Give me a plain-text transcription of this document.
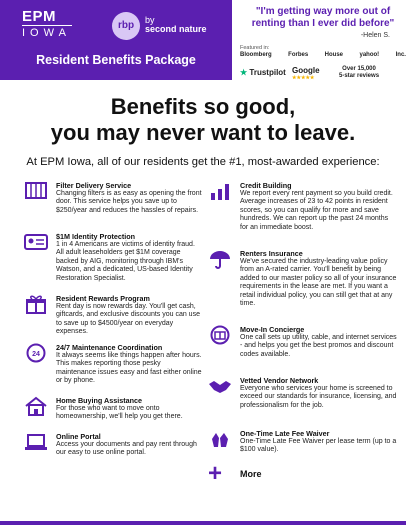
EPM
IOWA
rbp	by
second nature
Resident Benefits Package
"I'm getting way more out of renting than I ever did before"
-Helen S.
Featured in:
Bloomberg	Forbes	House	yahoo!	Inc.
★ Trustpilot Google
★★★★★
Over 15,000
5-star reviews
Benefits so good,
you may never want to leave.
At EPM Iowa, all of our residents get the #1, most-awarded experience:
Filter Delivery Service
Changing filters is as easy as opening the front door. This service helps you save up to $250/year and reduces the hassles of repairs.
$1M Identity Protection
1 in 4 Americans are victims of identity fraud. All adult leaseholders get $1M coverage backed by AIG, monitoring through IBM's Watson, and a dedicated, US-based Identity Restoration Specialist.
Resident Rewards Program
Rent day is now rewards day. You'll get cash, giftcards, and exclusive discounts you can use to save up to $4500/year on everyday expenses.
24
24/7 Maintenance Coordination
It always seems like things happen after hours. This makes reporting those pesky maintenance issues easy and fast either online or by phone.
Home Buying Assistance
For those who want to move onto homeownership, we'll help you get there.
Online Portal
Access your documents and pay rent through our easy to use online portal.
Credit Building
We report every rent payment so you build credit. Average increases of 23 to 42 points in resident scores, so you can qualify for more and save hundreds. We can report up the past 24 months for an immediate boost.
Renters Insurance
We've secured the industry-leading value policy from an A-rated carrier. You'll benefit by being added to our master policy so all of your insurance requirements in the lease are met. If you want a retail individual policy, you can still get that at any time.
Move-In Concierge
One call sets up utility, cable, and internet services - and helps you get the best promos and discount codes available.
Vetted Vendor Network
Everyone who services your home is screened to exceed our standards for insurance, licensing, and professionalism for the job.
One-Time Late Fee Waiver
One-Time Late Fee Waiver per lease term (up to a $100 value).
+ More
